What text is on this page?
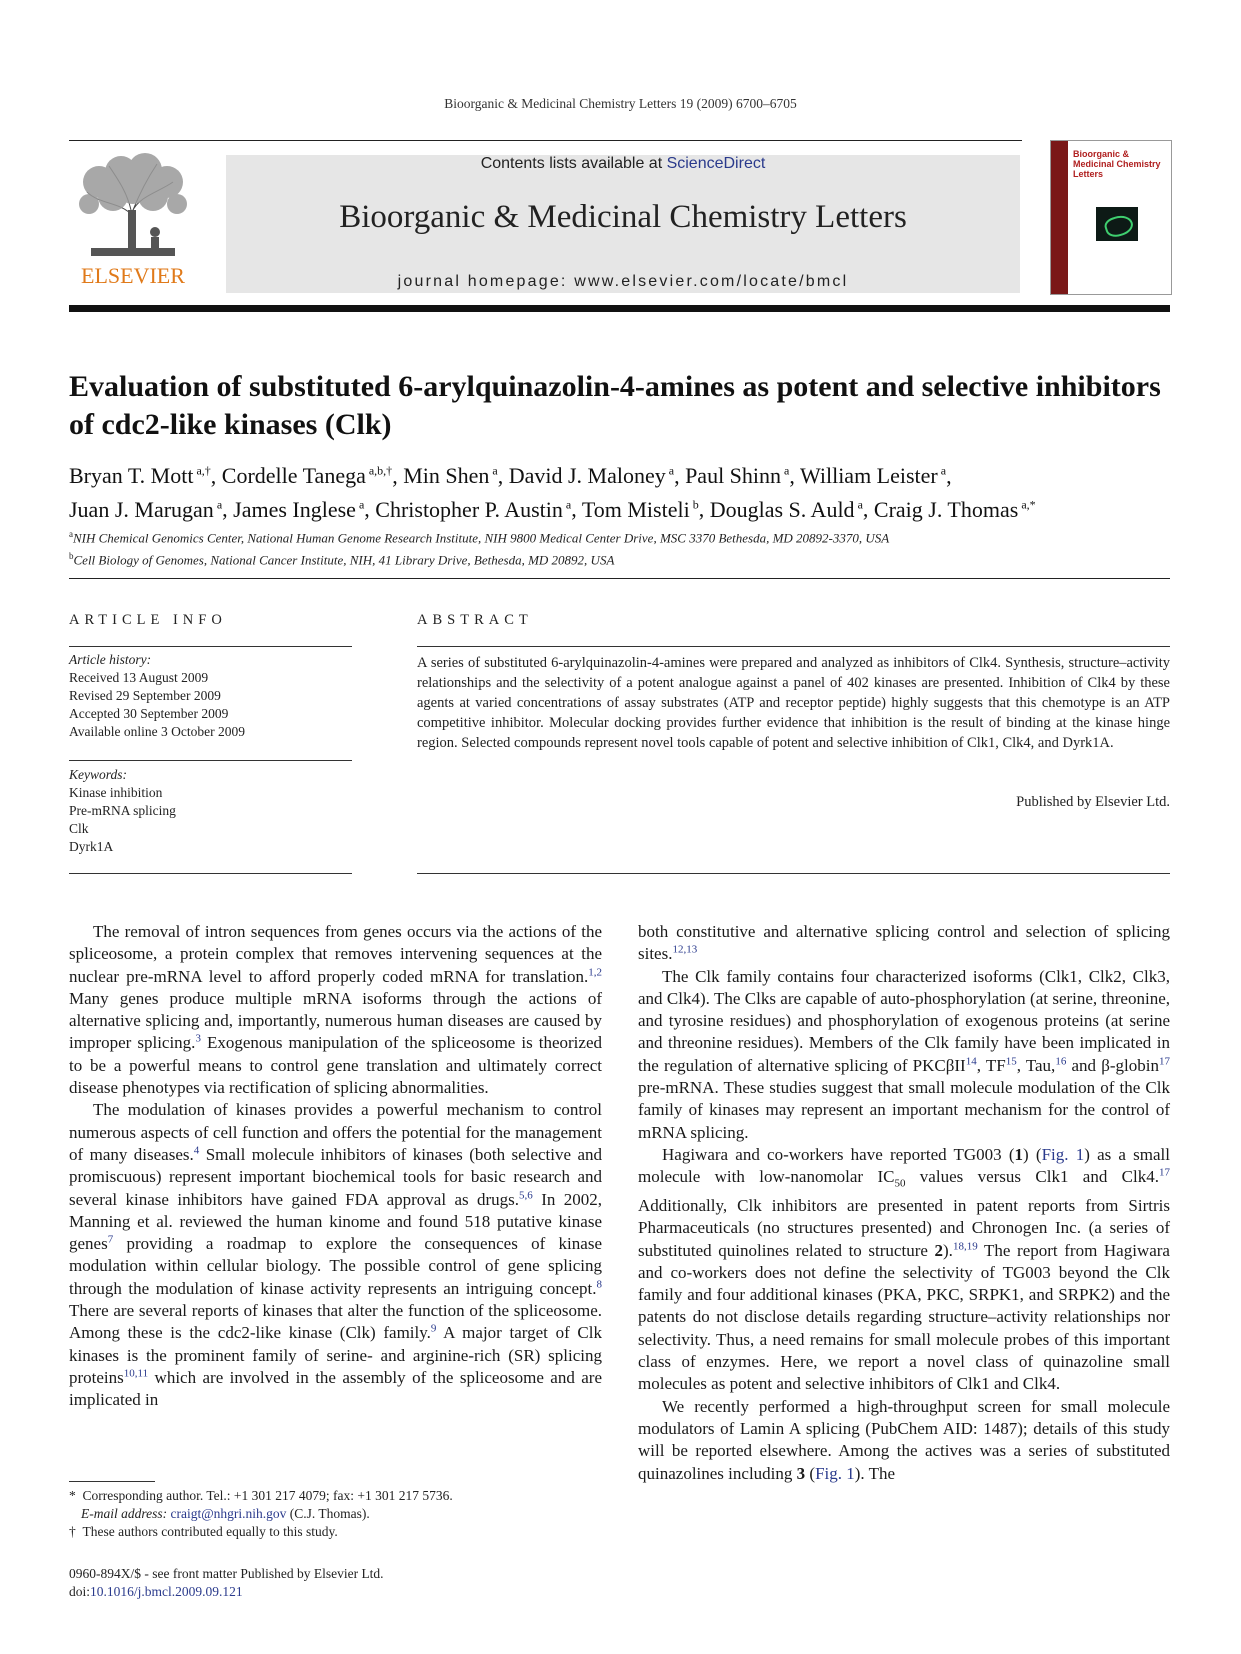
Bioorganic & Medicinal Chemistry Letters 19 (2009) 6700–6705
ELSEVIER
Contents lists available at ScienceDirect
Bioorganic & Medicinal Chemistry Letters
journal homepage: www.elsevier.com/locate/bmcl
Bioorganic & Medicinal Chemistry Letters
Evaluation of substituted 6-arylquinazolin-4-amines as potent and selective inhibitors of cdc2-like kinases (Clk)
Bryan T. Mott $^{a,\dagger}$, Cordelle Tanega $^{a,b,\dagger}$, Min Shen $^a$, David J. Maloney $^a$, Paul Shinn $^a$, William Leister $^a$,
Juan J. Marugan $^a$, James Inglese $^a$, Christopher P. Austin $^a$, Tom Misteli $^b$, Douglas S. Auld $^a$, Craig J. Thomas $^{a,*}$
$^a$NIH Chemical Genomics Center, National Human Genome Research Institute, NIH 9800 Medical Center Drive, MSC 3370 Bethesda, MD 20892-3370, USA
$^b$Cell Biology of Genomes, National Cancer Institute, NIH, 41 Library Drive, Bethesda, MD 20892, USA
ARTICLE INFO
Article history:
Received 13 August 2009
Revised 29 September 2009
Accepted 30 September 2009
Available online 3 October 2009
Keywords:
Kinase inhibition
Pre-mRNA splicing
Clk
Dyrk1A
ABSTRACT
A series of substituted 6-arylquinazolin-4-amines were prepared and analyzed as inhibitors of Clk4. Synthesis, structure–activity relationships and the selectivity of a potent analogue against a panel of 402 kinases are presented. Inhibition of Clk4 by these agents at varied concentrations of assay substrates (ATP and receptor peptide) highly suggests that this chemotype is an ATP competitive inhibitor. Molecular docking provides further evidence that inhibition is the result of binding at the kinase hinge region. Selected compounds represent novel tools capable of potent and selective inhibition of Clk1, Clk4, and Dyrk1A.
Published by Elsevier Ltd.

The removal of intron sequences from genes occurs via the actions of the spliceosome, a protein complex that removes intervening sequences at the nuclear pre-mRNA level to afford properly coded mRNA for translation.$^{1,2}$ Many genes produce multiple mRNA isoforms through the actions of alternative splicing and, importantly, numerous human diseases are caused by improper splicing.$^3$ Exogenous manipulation of the spliceosome is theorized to be a powerful means to control gene translation and ultimately correct disease phenotypes via rectification of splicing abnormalities.

The modulation of kinases provides a powerful mechanism to control numerous aspects of cell function and offers the potential for the management of many diseases.$^4$ Small molecule inhibitors of kinases (both selective and promiscuous) represent important biochemical tools for basic research and several kinase inhibitors have gained FDA approval as drugs.$^{5,6}$ In 2002, Manning et al. reviewed the human kinome and found 518 putative kinase genes$^7$ providing a roadmap to explore the consequences of kinase modulation within cellular biology. The possible control of gene splicing through the modulation of kinase activity represents an intriguing concept.$^8$ There are several reports of kinases that alter the function of the spliceosome. Among these is the cdc2-like kinase (Clk) family.$^9$ A major target of Clk kinases is the prominent family of serine- and arginine-rich (SR) splicing proteins$^{10,11}$ which are involved in the assembly of the spliceosome and are implicated in

both constitutive and alternative splicing control and selection of splicing sites.$^{12,13}$

The Clk family contains four characterized isoforms (Clk1, Clk2, Clk3, and Clk4). The Clks are capable of auto-phosphorylation (at serine, threonine, and tyrosine residues) and phosphorylation of exogenous proteins (at serine and threonine residues). Members of the Clk family have been implicated in the regulation of alternative splicing of PKCβII$^{14}$, TF$^{15}$, Tau,$^{16}$ and β-globin$^{17}$ pre-mRNA. These studies suggest that small molecule modulation of the Clk family of kinases may represent an important mechanism for the control of mRNA splicing.

Hagiwara and co-workers have reported TG003 (1) (Fig. 1) as a small molecule with low-nanomolar $IC_{50}$ values versus Clk1 and Clk4.17 Additionally, Clk inhibitors are presented in patent reports from Sirtris Pharmaceuticals (no structures presented) and Chronogen Inc. (a series of substituted quinolines related to structure 2).$^{18,19}$ The report from Hagiwara and co-workers does not define the selectivity of TG003 beyond the Clk family and four additional kinases (PKA, PKC, SRPK1, and SRPK2) and the patents do not disclose details regarding structure–activity relationships nor selectivity. Thus, a need remains for small molecule probes of this important class of enzymes. Here, we report a novel class of quinazoline small molecules as potent and selective inhibitors of Clk1 and Clk4.

We recently performed a high-throughput screen for small molecule modulators of Lamin A splicing (PubChem AID: 1487); details of this study will be reported elsewhere. Among the actives was a series of substituted quinazolines including 3 (Fig. 1). The

* Corresponding author. Tel.: +1 301 217 4079; fax: +1 301 217 5736.
E-mail address: craigt@nhgri.nih.gov (C.J. Thomas).
† These authors contributed equally to this study.
0960-894X/$ - see front matter Published by Elsevier Ltd.
doi:10.1016/j.bmcl.2009.09.121
